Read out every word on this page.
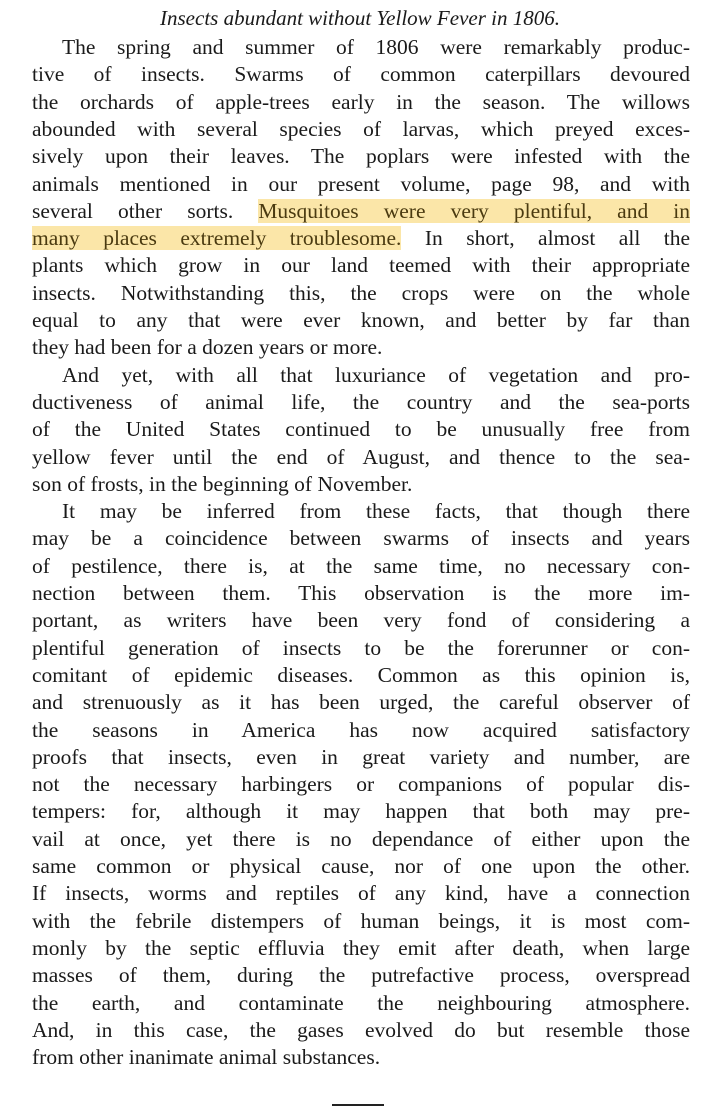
Insects abundant without Yellow Fever in 1806.
The spring and summer of 1806 were remarkably produc-
tive of insects. Swarms of common caterpillars devoured
the orchards of apple-trees early in the season. The willows
abounded with several species of larvas, which preyed exces-
sively upon their leaves. The poplars were infested with the
animals mentioned in our present volume, page 98, and with
several other sorts. Musquitoes were very plentiful, and in
many places extremely troublesome. In short, almost all the
plants which grow in our land teemed with their appropriate
insects. Notwithstanding this, the crops were on the whole
equal to any that were ever known, and better by far than
they had been for a dozen years or more.
And yet, with all that luxuriance of vegetation and pro-
ductiveness of animal life, the country and the sea-ports
of the United States continued to be unusually free from
yellow fever until the end of August, and thence to the sea-
son of frosts, in the beginning of November.
It may be inferred from these facts, that though there
may be a coincidence between swarms of insects and years
of pestilence, there is, at the same time, no necessary con-
nection between them. This observation is the more im-
portant, as writers have been very fond of considering a
plentiful generation of insects to be the forerunner or con-
comitant of epidemic diseases. Common as this opinion is,
and strenuously as it has been urged, the careful observer of
the seasons in America has now acquired satisfactory
proofs that insects, even in great variety and number, are
not the necessary harbingers or companions of popular dis-
tempers: for, although it may happen that both may pre-
vail at once, yet there is no dependance of either upon the
same common or physical cause, nor of one upon the other.
If insects, worms and reptiles of any kind, have a connection
with the febrile distempers of human beings, it is most com-
monly by the septic effluvia they emit after death, when large
masses of them, during the putrefactive process, overspread
the earth, and contaminate the neighbouring atmosphere.
And, in this case, the gases evolved do but resemble those
from other inanimate animal substances.
